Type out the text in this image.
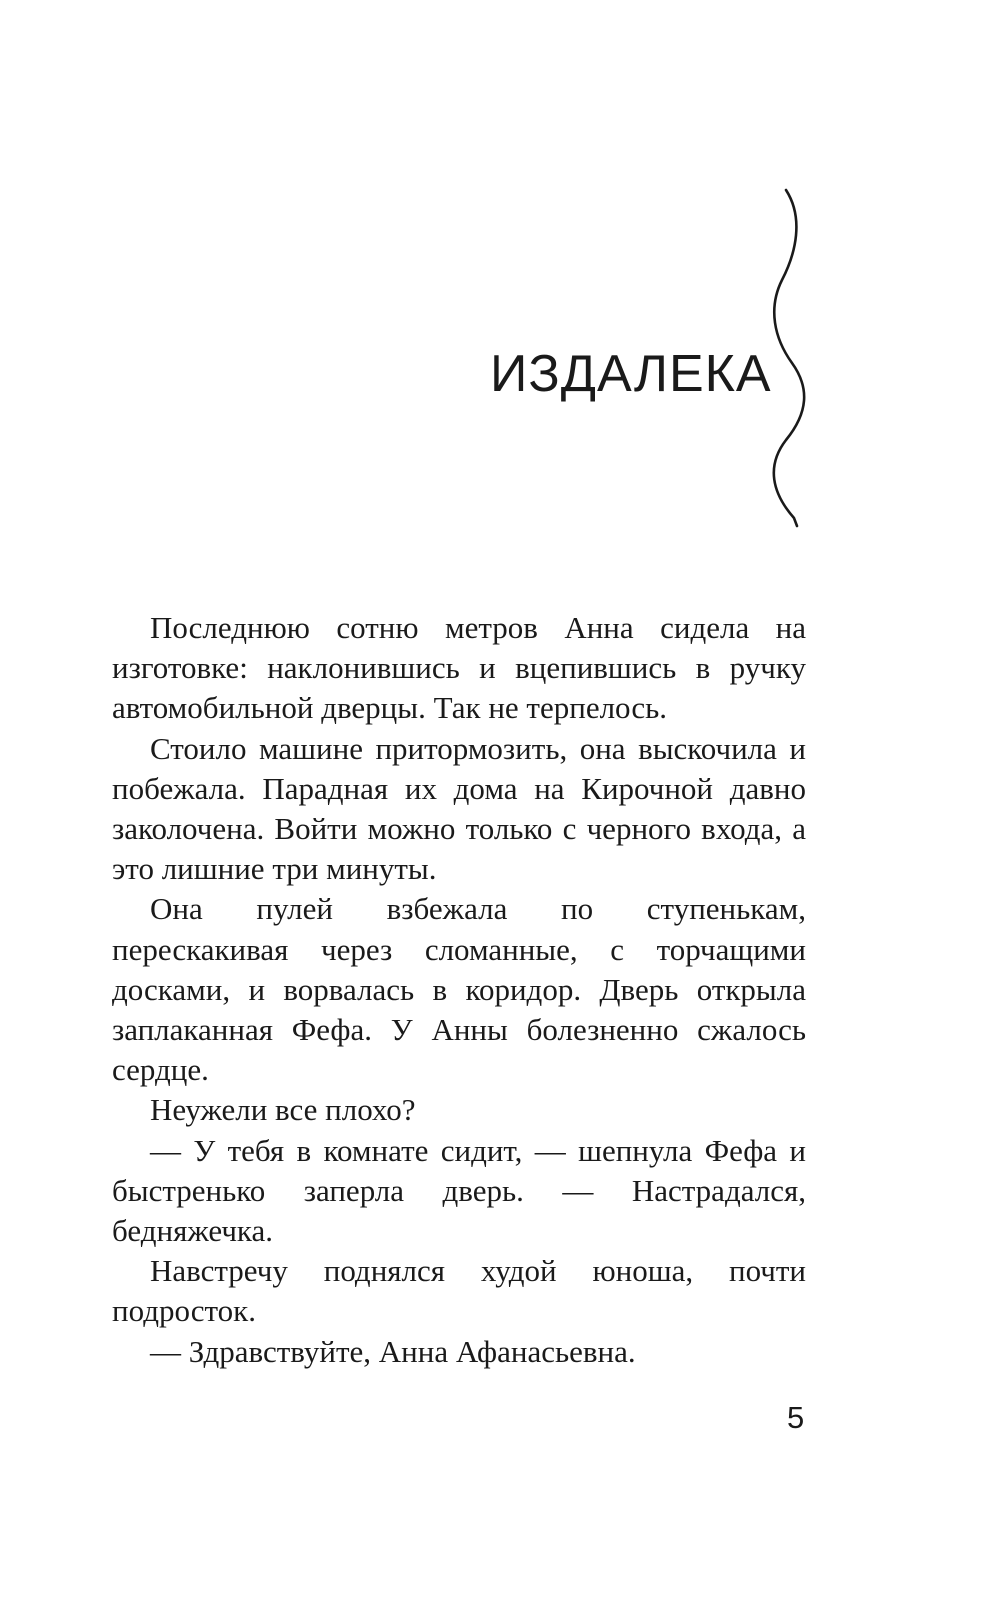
ИЗДАЛЕКА

Последнюю сотню метров Анна сидела на изготовке: наклонившись и вцепившись в ручку автомобильной дверцы. Так не терпелось.

Стоило машине притормозить, она выскочила и побежала. Парадная их дома на Кирочной давно заколочена. Войти можно только с черного входа, а это лишние три минуты.

Она пулей взбежала по ступенькам, перескакивая через сломанные, с торчащими досками, и ворвалась в коридор. Дверь открыла заплаканная Фефа. У Анны болезненно сжалось сердце.

Неужели все плохо?

— У тебя в комнате сидит, — шепнула Фефа и быстренько заперла дверь. — Настрадался, бедняжечка.

Навстречу поднялся худой юноша, почти подросток.

— Здравствуйте, Анна Афанасьевна.

5
